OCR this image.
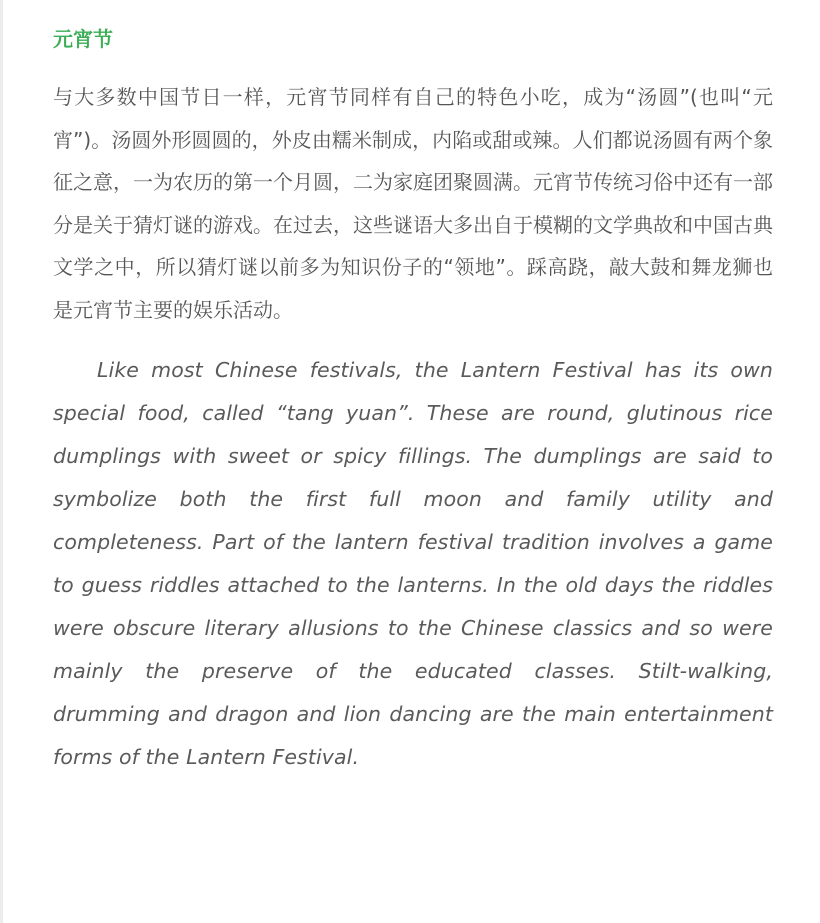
元宵节

与大多数中国节日一样，元宵节同样有自己的特色小吃，成为“汤圆”(也叫“元宵”)。汤圆外形圆圆的，外皮由糯米制成，内陷或甜或辣。人们都说汤圆有两个象征之意，一为农历的第一个月圆，二为家庭团聚圆满。元宵节传统习俗中还有一部分是关于猜灯谜的游戏。在过去，这些谜语大多出自于模糊的文学典故和中国古典文学之中，所以猜灯谜以前多为知识份子的“领地”。踩高跷，敲大鼓和舞龙狮也是元宵节主要的娱乐活动。

Like most Chinese festivals, the Lantern Festival has its own special food, called “tang yuan”. These are round, glutinous rice dumplings with sweet or spicy fillings. The dumplings are said to symbolize both the first full moon and family utility and completeness. Part of the lantern festival tradition involves a game to guess riddles attached to the lanterns. In the old days the riddles were obscure literary allusions to the Chinese classics and so were mainly the preserve of the educated classes. Stilt-walking, drumming and dragon and lion dancing are the main entertainment forms of the Lantern Festival.
